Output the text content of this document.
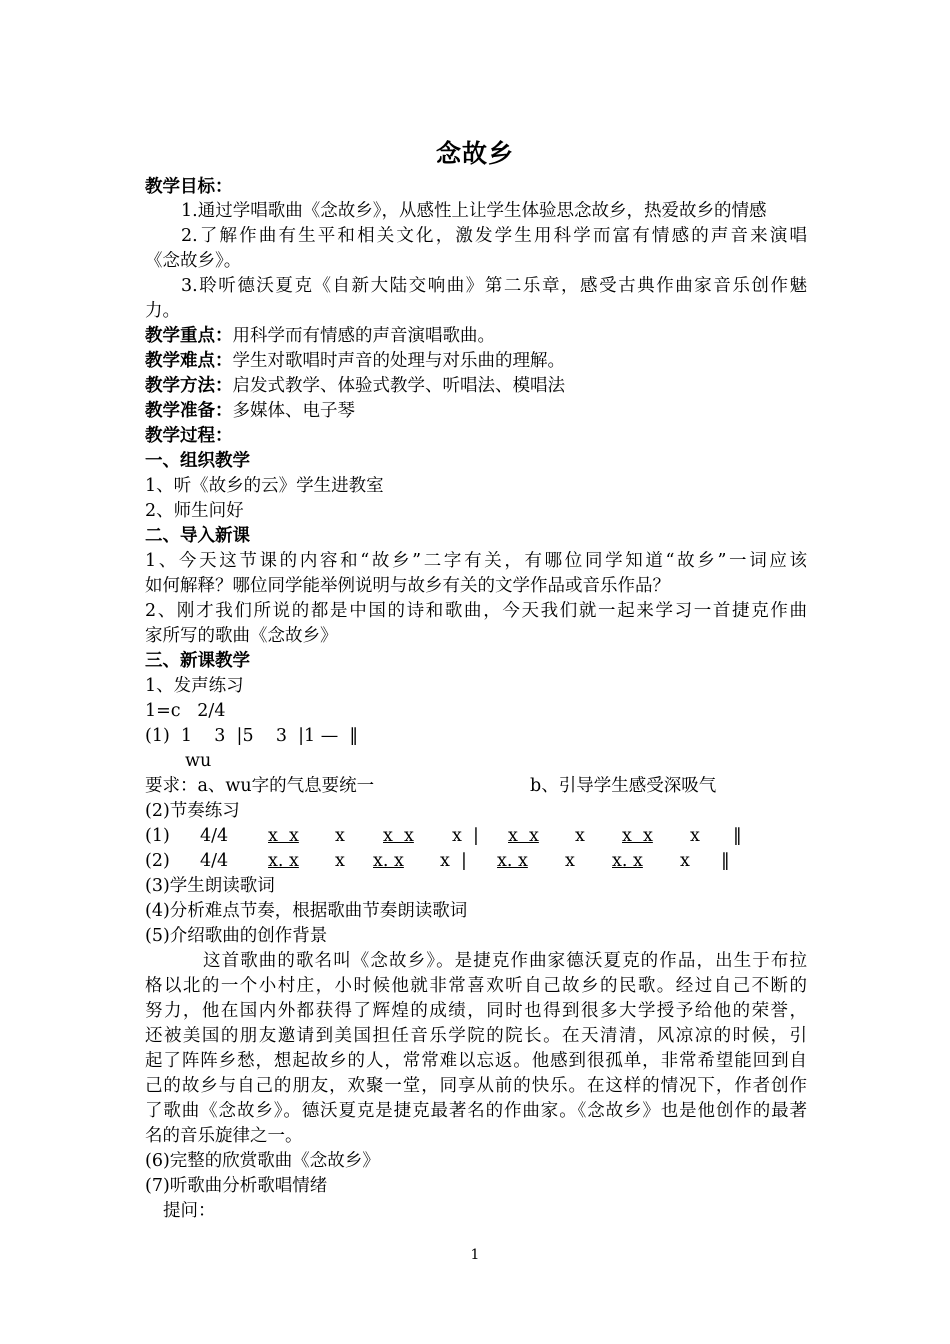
念故乡
教学目标：
1.通过学唱歌曲《念故乡》，从感性上让学生体验思念故乡，热爱故乡的情感
2.了解作曲有生平和相关文化，激发学生用科学而富有情感的声音来演唱
《念故乡》。
3.聆听德沃夏克《自新大陆交响曲》第二乐章，感受古典作曲家音乐创作魅
力。
教学重点：用科学而有情感的声音演唱歌曲。
教学难点：学生对歌唱时声音的处理与对乐曲的理解。
教学方法：启发式教学、体验式教学、听唱法、模唱法
教学准备：多媒体、电子琴
教学过程：
一、组织教学
1、听《故乡的云》学生进教室
2、师生问好
二、导入新课
1、今天这节课的内容和“故乡”二字有关，有哪位同学知道“故乡”一词应该
如何解释？哪位同学能举例说明与故乡有关的文学作品或音乐作品？
2、刚才我们所说的都是中国的诗和歌曲，今天我们就一起来学习一首捷克作曲
家所写的歌曲《念故乡》
三、新课教学
1、发声练习
1=c   2/4
(1)  1    3  |5    3  |1 —  ‖
wu
要求：a、wu字的气息要统一	b、引导学生感受深吸气
(2)节奏练习
(1) 4/4 x  x x x  x x  | x  x x x  x x ‖
(2) 4/4 x. x x x. x x  | x. x x x. x x ‖
(3)学生朗读歌词
(4)分析难点节奏，根据歌曲节奏朗读歌词
(5)介绍歌曲的创作背景
这首歌曲的歌名叫《念故乡》。是捷克作曲家德沃夏克的作品，出生于布拉
格以北的一个小村庄，小时候他就非常喜欢听自己故乡的民歌。经过自己不断的
努力，他在国内外都获得了辉煌的成绩，同时也得到很多大学授予给他的荣誉，
还被美国的朋友邀请到美国担任音乐学院的院长。在天清清，风凉凉的时候，引
起了阵阵乡愁，想起故乡的人，常常难以忘返。他感到很孤单，非常希望能回到自
己的故乡与自己的朋友，欢聚一堂，同享从前的快乐。在这样的情况下，作者创作
了歌曲《念故乡》。德沃夏克是捷克最著名的作曲家。《念故乡》也是他创作的最著
名的音乐旋律之一。
(6)完整的欣赏歌曲《念故乡》
(7)听歌曲分析歌唱情绪
提问：
1
